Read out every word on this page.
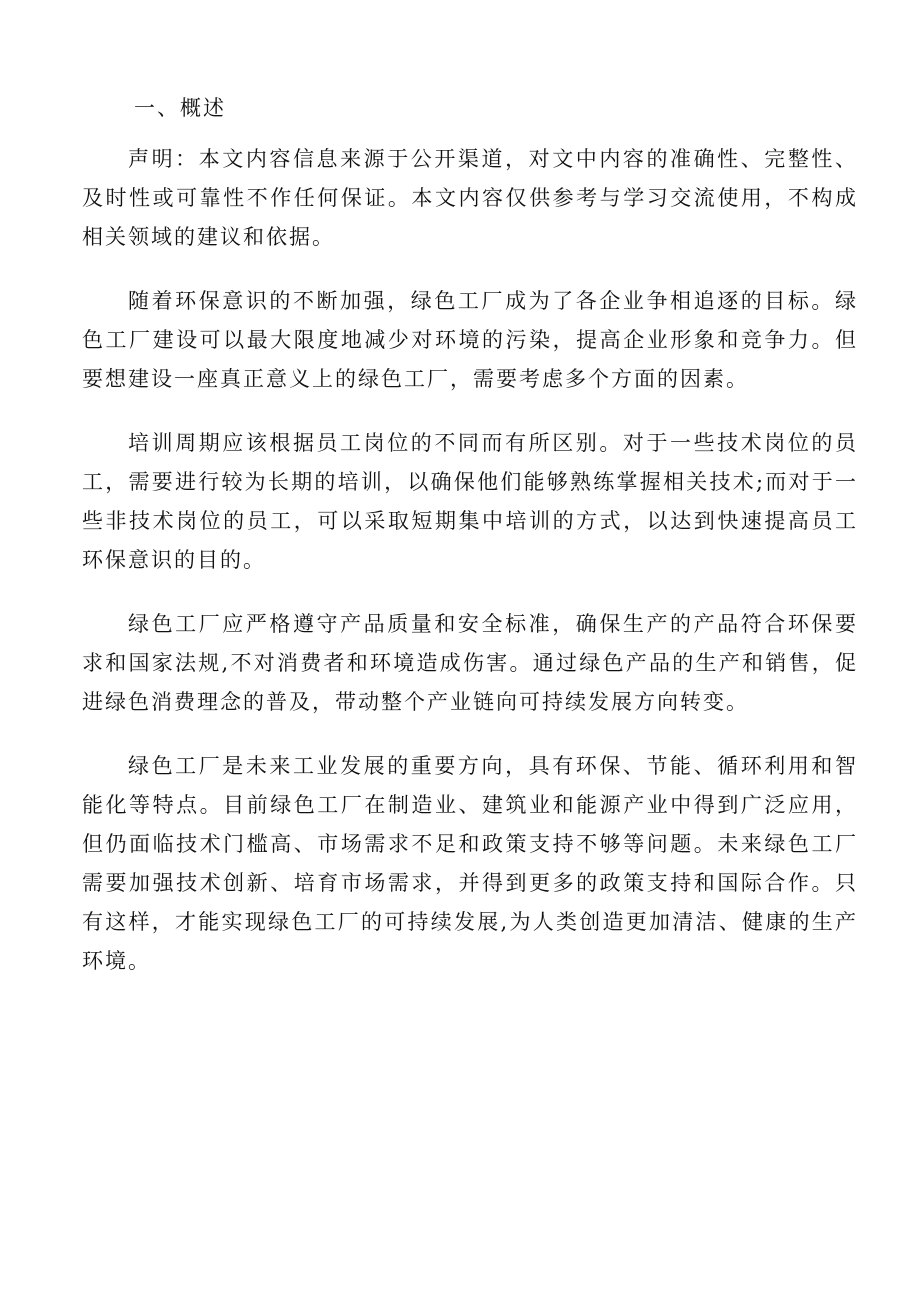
一、概述

声明：本文内容信息来源于公开渠道，对文中内容的准确性、完整性、及时性或可靠性不作任何保证。本文内容仅供参考与学习交流使用，不构成相关领域的建议和依据。

随着环保意识的不断加强，绿色工厂成为了各企业争相追逐的目标。绿色工厂建设可以最大限度地减少对环境的污染，提高企业形象和竞争力。但要想建设一座真正意义上的绿色工厂，需要考虑多个方面的因素。

培训周期应该根据员工岗位的不同而有所区别。对于一些技术岗位的员工，需要进行较为长期的培训，以确保他们能够熟练掌握相关技术;而对于一些非技术岗位的员工，可以采取短期集中培训的方式，以达到快速提高员工环保意识的目的。

绿色工厂应严格遵守产品质量和安全标准，确保生产的产品符合环保要求和国家法规,不对消费者和环境造成伤害。通过绿色产品的生产和销售，促进绿色消费理念的普及，带动整个产业链向可持续发展方向转变。

绿色工厂是未来工业发展的重要方向，具有环保、节能、循环利用和智能化等特点。目前绿色工厂在制造业、建筑业和能源产业中得到广泛应用，但仍面临技术门槛高、市场需求不足和政策支持不够等问题。未来绿色工厂需要加强技术创新、培育市场需求，并得到更多的政策支持和国际合作。只有这样，才能实现绿色工厂的可持续发展,为人类创造更加清洁、健康的生产环境。
